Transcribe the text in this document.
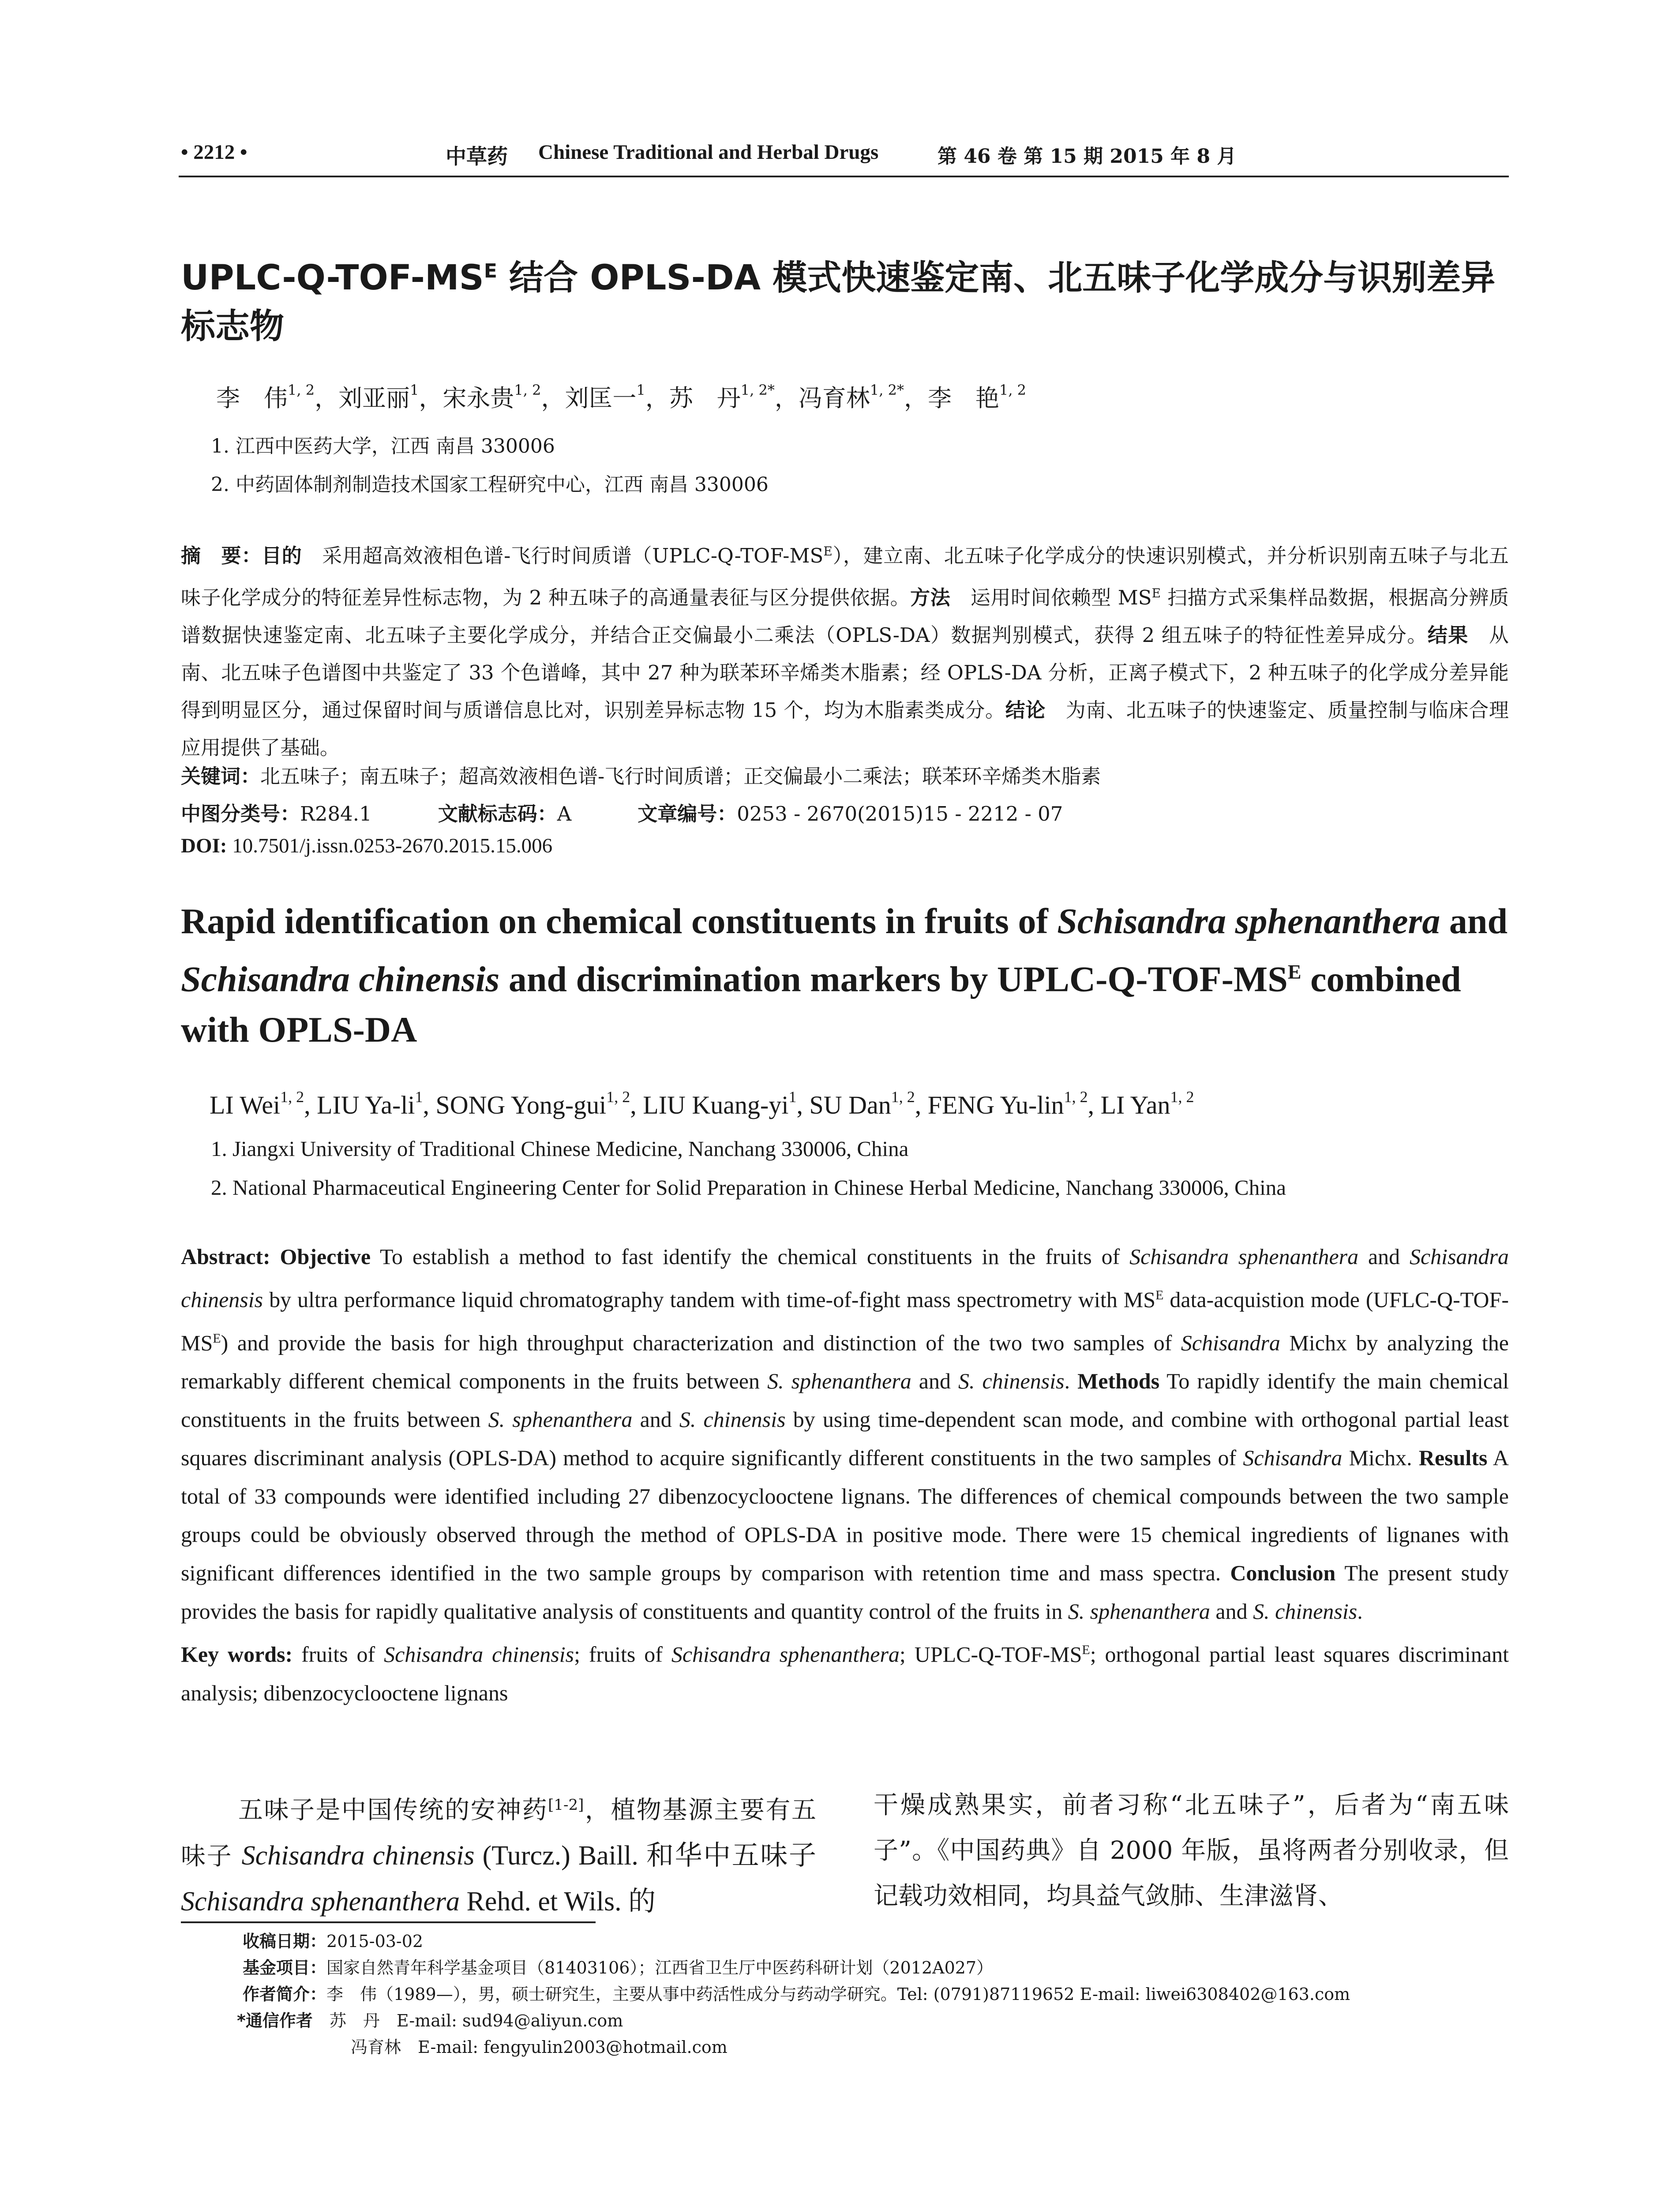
• 2212 •	中草药 Chinese Traditional and Herbal Drugs	第 46 卷 第 15 期 2015 年 8 月
UPLC-$Q-TOF-MS^E$ 结合 OPLS-DA 模式快速鉴定南、北五味子化学成分与识别差异标志物
李　伟$^{1, 2}$，刘亚丽$^1$，宋永贵$^{1, 2}$，刘匡一$^1$，苏　丹$^{1, 2*}$，冯育林$^{1, 2*}$，李　艳$^{1, 2}$
1. 江西中医药大学，江西 南昌 330006
2. 中药固体制剂制造技术国家工程研究中心，江西 南昌 330006
摘　要：目的　采用超高效液相色谱-飞行时间质谱$(UPLC-Q-TOF-MS^E)$，建立南、北五味子化学成分的快速识别模式，并分析识别南五味子与北五味子化学成分的特征差异性标志物，为 2 种五味子的高通量表征与区分提供依据。方法　运用时间依赖型 $MS^E$ 扫描方式采集样品数据，根据高分辨质谱数据快速鉴定南、北五味子主要化学成分，并结合正交偏最小二乘法（OPLS-DA）数据判别模式，获得 2 组五味子的特征性差异成分。结果　从南、北五味子色谱图中共鉴定了 33 个色谱峰，其中 27 种为联苯环辛烯类木脂素；经 OPLS-DA 分析，正离子模式下，2 种五味子的化学成分差异能得到明显区分，通过保留时间与质谱信息比对，识别差异标志物 15 个，均为木脂素类成分。结论　为南、北五味子的快速鉴定、质量控制与临床合理应用提供了基础。
关键词：北五味子；南五味子；超高效液相色谱-飞行时间质谱；正交偏最小二乘法；联苯环辛烯类木脂素
中图分类号：R284.1	文献标志码：A	文章编号：0253 - 2670(2015)15 - 2212 - 07
DOI: 10.7501/j.issn.0253-2670.2015.15.006
Rapid identification on chemical constituents in fruits of Schisandra sphenanthera and Schisandra chinensis and discrimination markers by UPLC-$Q-TOF-MS^E$ combined with OPLS-DA
LI Wei$^{1, 2}$, LIU $Ya-li^1$, SONG Yong-gui$^{1, 2}$, LIU Kuang-$yi^1$, SU Dan$^{1, 2}$, FENG Yu-lin$^{1, 2}$, LI Yan$^{1, 2}$
1. Jiangxi University of Traditional Chinese Medicine, Nanchang 330006, China
2. National Pharmaceutical Engineering Center for Solid Preparation in Chinese Herbal Medicine, Nanchang 330006, China
Abstract: Objective To establish a method to fast identify the chemical constituents in the fruits of Schisandra sphenanthera and Schisandra chinensis by ultra performance liquid chromatography tandem with time-of-fight mass spectrometry with $MS^E$ data-acquistion mode $(UFLC-Q-TOF-MS^E)$ and provide the basis for high throughput characterization and distinction of the two two samples of Schisandra Michx by analyzing the remarkably different chemical components in the fruits between S. sphenanthera and S. chinensis. Methods To rapidly identify the main chemical constituents in the fruits between S. sphenanthera and S. chinensis by using time-dependent scan mode, and combine with orthogonal partial least squares discriminant analysis (OPLS-DA) method to acquire significantly different constituents in the two samples of Schisandra Michx. Results A total of 33 compounds were identified including 27 dibenzocyclooctene lignans. The differences of chemical compounds between the two sample groups could be obviously observed through the method of OPLS-DA in positive mode. There were 15 chemical ingredients of lignanes with significant differences identified in the two sample groups by comparison with retention time and mass spectra. Conclusion The present study provides the basis for rapidly qualitative analysis of constituents and quantity control of the fruits in S. sphenanthera and S. chinensis.
Key words: fruits of Schisandra chinensis; fruits of Schisandra sphenanthera; UPLC-$Q-TOF-MS^E$; orthogonal partial least squares discriminant analysis; dibenzocyclooctene lignans
五味子是中国传统的安神药[1-2]，植物基源主要有五味子 Schisandra chinensis (Turcz.) Baill. 和华中五味子 Schisandra sphenanthera Rehd. et Wils. 的
干燥成熟果实，前者习称“北五味子”，后者为“南五味子”。《中国药典》自 2000 年版，虽将两者分别收录，但记载功效相同，均具益气敛肺、生津滋肾、
收稿日期：2015-03-02
基金项目：国家自然青年科学基金项目（81403106）；江西省卫生厅中医药科研计划（2012A027）
作者简介：李　伟（1989—），男，硕士研究生，主要从事中药活性成分与药动学研究。Tel: (0791)87119652 E-mail: liwei6308402@163.com
*通信作者　苏　丹　E-mail: sud94@aliyun.com
冯育林　E-mail: fengyulin2003@hotmail.com
